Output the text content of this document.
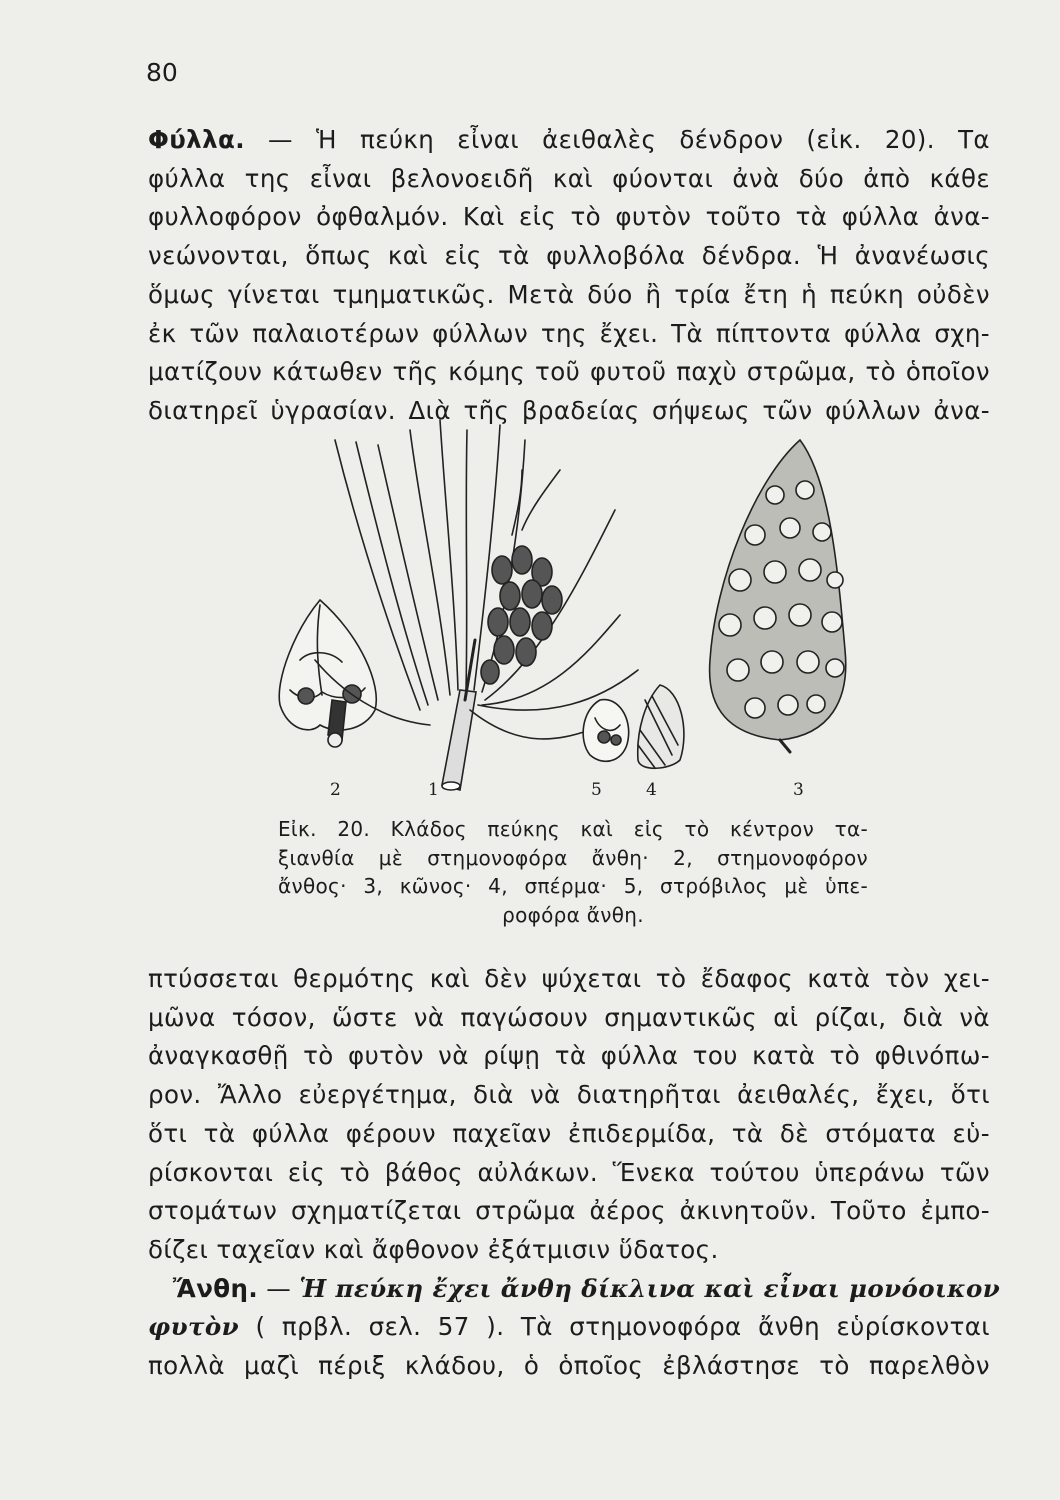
80
Φύλλα. — Ἡ πεύκη εἶναι ἀειθαλὲς δένδρον (εἰκ. 20). Τα
φύλλα της εἶναι βελονοειδῆ καὶ φύονται ἀνὰ δύο ἀπὸ κάθε
φυλλοφόρον ὀφθαλμόν. Καὶ εἰς τὸ φυτὸν τοῦτο τὰ φύλλα ἀνα-
νεώνονται, ὅπως καὶ εἰς τὰ φυλλοβόλα δένδρα. Ἡ ἀνανέωσις
ὅμως γίνεται τμηματικῶς. Μετὰ δύο ἢ τρία ἔτη ἡ πεύκη οὐδὲν
ἐκ τῶν παλαιοτέρων φύλλων της ἔχει. Τὰ πίπτοντα φύλλα σχη-
ματίζουν κάτωθεν τῆς κόμης τοῦ φυτοῦ παχὺ στρῶμα, τὸ ὁποῖον
διατηρεῖ ὑγρασίαν. Διὰ τῆς βραδείας σήψεως τῶν φύλλων ἀνα-
2	1	5	4	3
Εἰκ. 20. Κλάδος πεύκης καὶ εἰς τὸ κέντρον τα-
ξιανθία μὲ στημονοφόρα ἄνθη· 2, στημονοφόρον
ἄνθος· 3, κῶνος· 4, σπέρμα· 5, στρόβιλος μὲ ὑπε-
ροφόρα ἄνθη.
πτύσσεται θερμότης καὶ δὲν ψύχεται τὸ ἔδαφος κατὰ τὸν χει-
μῶνα τόσον, ὥστε νὰ παγώσουν σημαντικῶς αἱ ρίζαι, διὰ νὰ
ἀναγκασθῇ τὸ φυτὸν νὰ ρίψῃ τὰ φύλλα του κατὰ τὸ φθινόπω-
ρον. Ἄλλο εὐεργέτημα, διὰ νὰ διατηρῆται ἀειθαλές, ἔχει, ὅτι
ὅτι τὰ φύλλα φέρουν παχεῖαν ἐπιδερμίδα, τὰ δὲ στόματα εὑ-
ρίσκονται εἰς τὸ βάθος αὐλάκων. Ἕνεκα τούτου ὑπεράνω τῶν
στομάτων σχηματίζεται στρῶμα ἀέρος ἀκινητοῦν. Τοῦτο ἐμπο-
δίζει ταχεῖαν καὶ ἄφθονον ἐξάτμισιν ὕδατος.
 Ἄνθη. — Ἡ πεύκη ἔχει ἄνθη δίκλινα καὶ εἶναι μονόοικον
φυτὸν ( πρβλ. σελ. 57 ). Τὰ στημονοφόρα ἄνθη εὑρίσκονται
πολλὰ μαζὶ πέριξ κλάδου, ὁ ὁποῖος ἐβλάστησε τὸ παρελθὸν
